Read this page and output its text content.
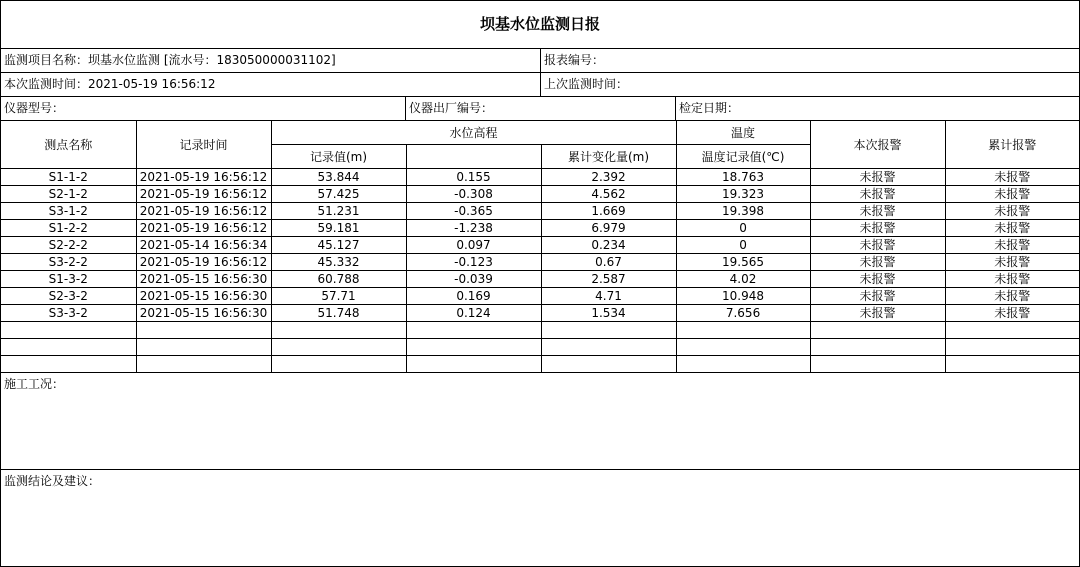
坝基水位监测日报
监测项目名称：坝基水位监测 [流水号：183050000031102]	报表编号：
本次监测时间：2021-05-19 16:56:12	上次监测时间：
仪器型号：	仪器出厂编号：	检定日期：
测点名称	记录时间	水位高程			温度	本次报警	累计报警
		记录值(m)		累计变化量(m)	温度记录值(℃)		
S1-1-2	2021-05-19 16:56:12	53.844	0.155	2.392	18.763	未报警	未报警
S2-1-2	2021-05-19 16:56:12	57.425	-0.308	4.562	19.323	未报警	未报警
S3-1-2	2021-05-19 16:56:12	51.231	-0.365	1.669	19.398	未报警	未报警
S1-2-2	2021-05-19 16:56:12	59.181	-1.238	6.979	0	未报警	未报警
S2-2-2	2021-05-14 16:56:34	45.127	0.097	0.234	0	未报警	未报警
S3-2-2	2021-05-19 16:56:12	45.332	-0.123	0.67	19.565	未报警	未报警
S1-3-2	2021-05-15 16:56:30	60.788	-0.039	2.587	4.02	未报警	未报警
S2-3-2	2021-05-15 16:56:30	57.71	0.169	4.71	10.948	未报警	未报警
S3-3-2	2021-05-15 16:56:30	51.748	0.124	1.534	7.656	未报警	未报警

施工工况：
监测结论及建议：
